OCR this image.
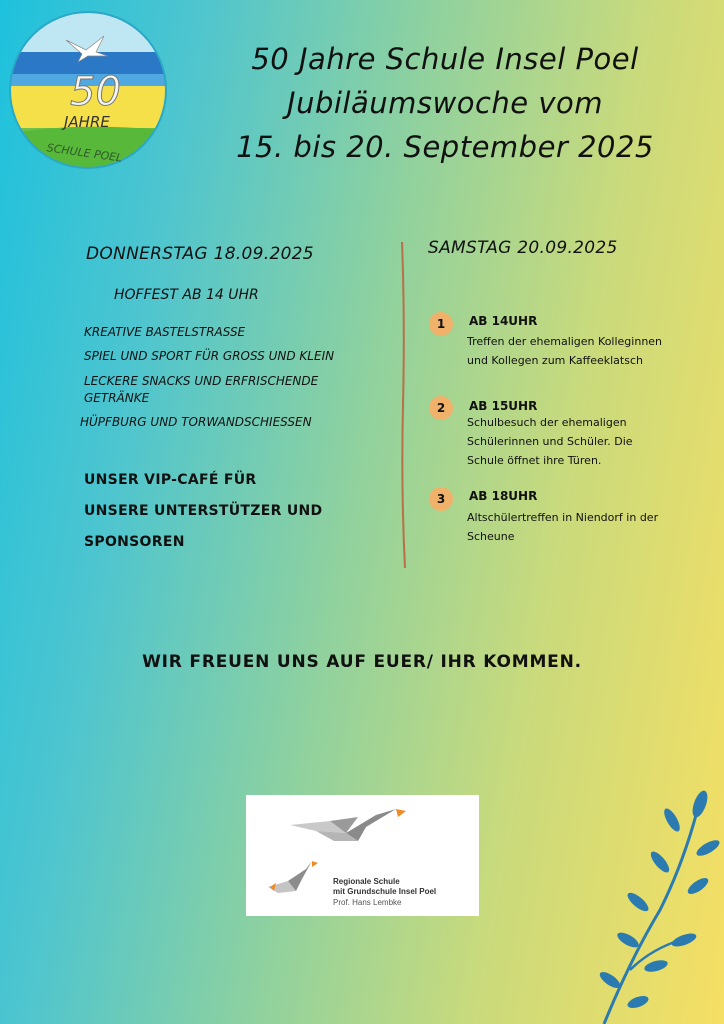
50
JAHRE
SCHULE POEL
50 Jahre Schule Insel Poel
Jubiläumswoche vom
15. bis 20. September 2025
DONNERSTAG 18.09.2025
HOFFEST AB 14 UHR
KREATIVE BASTELSTRASSE
SPIEL UND SPORT FÜR GROSS UND KLEIN
LECKERE SNACKS UND ERFRISCHENDE GETRÄNKE
HÜPFBURG UND TORWANDSCHIESSEN
UNSER VIP-CAFÉ FÜR
UNSERE UNTERSTÜTZER UND
SPONSOREN
SAMSTAG 20.09.2025
1	AB 14UHR
Treffen der ehemaligen Kolleginnen und Kollegen zum Kaffeeklatsch
2	AB 15UHR
Schulbesuch der ehemaligen Schülerinnen und Schüler. Die Schule öffnet ihre Türen.
3	AB 18UHR
Altschülertreffen in Niendorf in der Scheune
WIR FREUEN UNS AUF EUER/ IHR KOMMEN.
Regionale Schule
mit Grundschule Insel Poel
Prof. Hans Lembke
